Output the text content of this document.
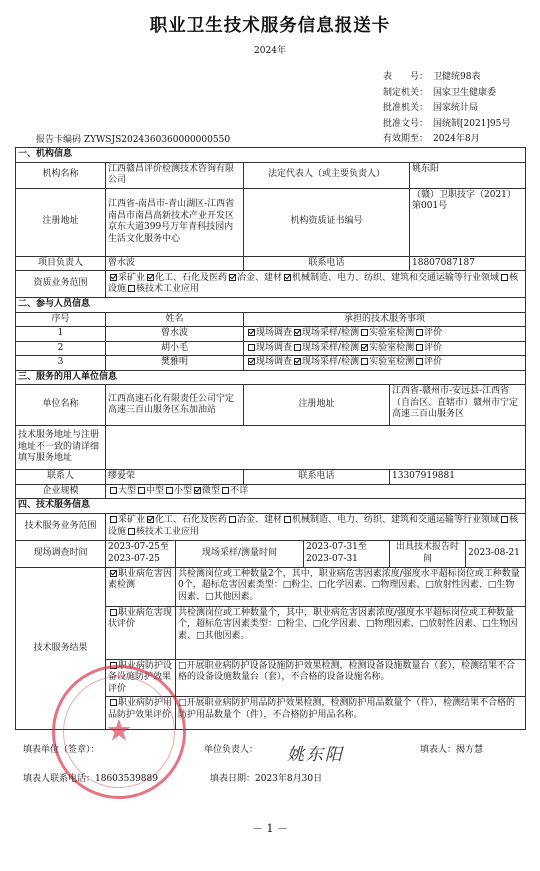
职业卫生技术服务信息报送卡
2024年
表　　号： 卫健统98表
制定机关： 国家卫生健康委
批准机关： 国家统计局
批准文号： 国统制[2021]95号
有效期至： 2024年8月
报告卡编码 ZYWSJS2024360360000000550
一、机构信息							
机构名称	江西赣昌评价检测技术咨询有限公司		法定代表人（或主要负责人）			姚东阳	
注册地址	江西省-南昌市-青山湖区-江西省南昌市南昌高新技术产业开发区京东大道399号万年青科技园内生活文化服务中心		机构资质证书编号			（赣）卫职技字（2021）第001号	
项目负责人	曾水波		联系电话			18807087187	
资质业务范围	采矿业 化工、石化及医药 冶金、建材 机械制造、电力、纺织、建筑和交通运输等行业领域 核设施 核技术工业应用						
二、参与人员信息							
序号	姓名		承担的技术服务事项				
1	曾水波		现场调查 现场采样/检测 实验室检测 评价				
2	胡小毛		现场调查 现场采样/检测 实验室检测 评价				
3	樊雅明		现场调查 现场采样/检测 实验室检测 评价				
三、服务的用人单位信息							
单位名称	江西高速石化有限责任公司宁定高速三百山服务区东加油站		注册地址		江西省-赣州市-安远县-江西省（自治区、直辖市）赣州市宁定高速三百山服务区		
技术服务地址与注册地址不一致的请详细填写服务地址							
联系人	缪爱荣		联系电话		13307919881		
企业规模	大型 中型 小型 微型 不详						
四、技术服务信息							
技术服务业务范围	采矿业 化工、石化及医药 冶金、建材 机械制造、电力、纺织、建筑和交通运输等行业领域 核设施 核技术工业应用						
现场调查时间	2023-07-25至2023-07-25	现场采样/测量时间		2023-07-31至2023-07-31	出具技术报告时间		2023-08-21
技术服务结果	职业病危害因素检测	共检测岗位或工种数量2个，其中，职业病危害因素浓度/强度水平超标岗位或工种数量0个，超标危害因素类型：□粉尘、□化学因素、□物理因素、□放射性因素、□生物因素、□其他因素。					
	职业病危害现状评价	共检测岗位或工种数量个，其中，职业病危害因素浓度/强度水平超标岗位或工种数量个，超标危害因素类型：□粉尘、□化学因素、□物理因素、□放射性因素、□生物因素、□其他因素。					
	职业病防护设备设施防护效果评价	□开展职业病防护设备设施防护效果检测，检测设备设施数量台（套），检测结果不合格的设备设施数量台（套），不合格的设备设施名称。					
	职业病防护用品防护效果评价	□开展职业病防护用品防护效果检测，检测防护用品数量个（件），检测结果不合格的防护用品数量个（件），不合格防护用品名称。					
★
填表单位（签章）：	单位负责人： 姚东阳	填表人：揭方慧
填表人联系电话：18603539889	填表日期：2023年8月30日
－ 1 －
